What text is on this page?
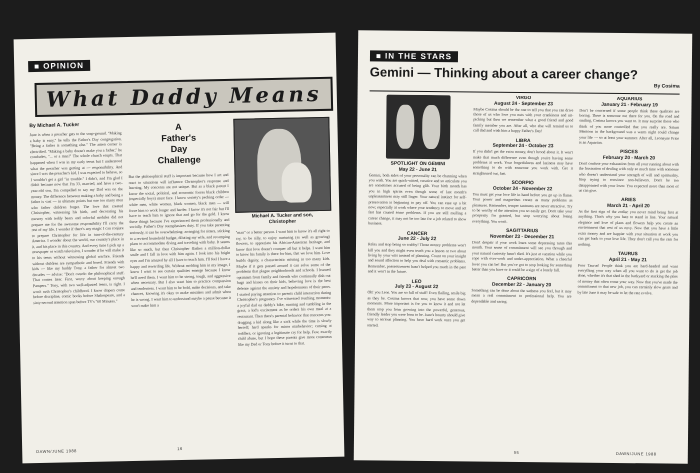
■ OPINION
What Daddy Means
By Michael A. Tucker
June is when a preacher gets to the soap-ground. "Making a baby is easy," he tells the Father's Day congregation. "Being a father is something else." The amen corner is electrified. "Making a baby doesn't make you a father," he concludes, "... or a man!" The whole church erupts. That happened when I was in my early teens but I understood what the preacher was getting at — responsibility. And since I was the preacher's kid, I was expected to behave, so I wouldn't get a girl "in trouble." I didn't, and I'm glad I didn't because now that I'm 33, married, and have a two-year-old son, I'm compelled to say my Dad was on the money. The difference between making a baby and being a father is vast — in ultimate points but one too many men who father children forget. The love that created Christopher, witnessing his birth, and decorating his nursery with teddy bears and colorful mobiles did not prepare me for the awesome responsibility I'll carry the rest of my life. I wonder if there's any magic I can conjure to prepare Christopher for life in turn-of-the-century America. I wonder about the world, our country's place in it, and his place in this country. And every time I pick up a newspaper or watch television, I wonder if he will make it to his teens without witnessing global warfare. Friends without children are sympathetic and bored. Friends with kids — like my buddy Tony, a father for almost two decades — advise: "Don't overdo the philosophical stuff. That comes later. First, worry about keeping enough Pampers." Tony, with two well-adjusted teens, is right. I won't rush Christopher's childhood. I know diapers come before discipline, comic books before Shakespeare, and a sixty-second attention span before TV's "60 Minutes."
But the philosophical stuff is important because how I act and react to situations will influence Christopher's response and learning. My concerns are not unique. But as a black parent I know the social, political, and economic forces black children (especially boys) must face. I know society's pecking order — white men, white women, black women, black men — will force him to work longer and harder. I know it's not fair but I'll have to teach him to ignore that and go for the gold. I know these things because I've experienced them professionally and socially. Father's Day reemphasizes duty. If you take parenting seriously, it can be overwhelming: arranging for sitters, sticking to a revised household budget, diluting my wife, and revamping plans to accommodate diving and traveling with baby. It seems like so much, but then Christopher flashes a million-dollar smile and I fall in love with him again. I look into his bright eyes and I'm amazed by all I have to teach him. I'll feel I have a happy and rewarding life. Without molding him in my image, I know I want to see certain qualities emerge because I know he'll need them. I want him to be strong, tough, and aggressive when necessary. But I also want him to practice compassion and tenderness. I want him to be bold, make decisions, and take chances, knowing it's okay to make mistakes and admit when he is wrong. I want him to understand maybe a pause because it won't make him a
A
Father's
Day
Challenge
Michael A. Tucker and son,
Christopher
"man" or a better person. I want him to know it's all right to cry, to be silly, to enjoy nurturing (as well as growing) flowers, to appreciate his African-American heritage, and know that love doesn't conquer all but it helps. I want him to know his family is there for him, that we love him. Love builds dignity, a characteristic missing in too many kids. Maybe if it gets passed around it can solve some of the problems that plague neighborhoods and schools. I learned optimism from family and friends who continually dish out hugs and kisses on their kids, believing love is the best defense against the anxiety and hopelessness of their peers. I started paying attention to parents child interaction during Christopher's pregnancy. I've witnessed touching moments: a joyful dad on daddy's bike, running and tumbling in the grass, a kid's excitement as he orders his own meal at a restaurant. Then there's parental behavior that concerns you: dragging a kid along like a sack while the time is slowly herself; hard spanks for minor misbehavior; cursing at toddlers, or ignoring a legitimate cry for help. Few, exactly child abuse, but I hope these parents give more consensus like my Dad or Tony before it turns to that.
DAWN/JUNE 1988	16
■ IN THE STARS
Gemini — Thinking about a career change?
By Cosima
SPOTLIGHT ON GEMINI
May 22 - June 21
Gemini, both sides of your personality can be charming when you wish. You are quick-witted, creative and so articulate you are sometimes accused of being glib. Your birth month has you in high spirits even though some of last month's unpleasantness may still linger. Your natural instinct for self-preservation is beginning to pay off. You can ease up a bit now; especially at work where your tendency to move and act fast has caused some problems. If you are still mulling a career change, it may not be too late for a job related to show business.
CANCER
June 22 - July 22
Relax and stop being so crabby! Those money problems won't kill you and they might even teach you a lesson or two about living by your wits instead of planning. Count on your insight and sound affection to help you deal with romantic problems. Remember, possessiveness hasn't helped you much in the past and it won't in the future.
LEO
July 23 - August 22
Oh! you Leos. You are so full of stuff! Even flailing, smile big as they be. Cosima knows that now, you have some down moments. More important is for you to know it and not let them stop you from growing into the powerful, generous, friendly leader you were born to be. June's bounty should give way to serious planning. You have hard work once you get started.
VIRGO
August 24 - September 23
Maybe Cosima should be the one to tell you that you can drive those of us who love you nuts with your crankiness and nit-picking but then we remember what a good friend and good family member you are. After all, who else will remind us to call dad and wish him a happy Father's Day!
LIBRA
September 24 - October 23
If you didn't get the extra money, don't brood about it. It won't make that much difference even though you're having some problems at work. Your forgetfulness and laziness may have something to do with someone you work with. Get it straightened out, fast.
SCORPIO
October 24 - November 22
You must get your love life in hand before you go up in flame. Your power and magnetism create as many problems as pleasures. Remember, temper tantrums are never attractive. Try to be worthy of the attention you so easily get. Don't take your prosperity for granted, but stop worrying about losing everything. You won't.
SAGITTARIUS
November 23 - December 21
Don't despair if your work loses some depressing turns this month. Your sense of commitment will see you through and your natural curiosity hasn't died. It's just at vacation while you cope with over-work and under-appreciation. What a cheerful lover you can be! But you've got to stop looking for something better than you have or it could be a sign of a lonely fall.
CAPRICORN
December 22 - January 20
Something can be done about the sadness you feel, but it may mean a real commitment to professional help. You are dependable and caring.
AQUARIUS
January 21 - February 19
Don't be concerned if some people think these qualities are boring. There is someone out there for you. On the road and smiling, Cosima knows you want to. It may surprise those who think of you more controlled that you really are. Saturn Mentoon in the background was a warm night could change your life — so at least your summer. After all, Leonayne Price is an Aquarian.
PISCES
February 20 - March 20
Don't confuse your exhaustion from all your running about with the frustration of dealing with only so much time with someone who doesn't understand your strength of will and spirituality. Stop trying to convince non-believers. Don't be too disappointed with your lover. You expected more than most of us can give.
ARIES
March 21 - April 20
As the first sign of the zodiac you never mind being first at anything. That's why you hate to stand in line. Your natural elegance and love of plans and flowers help you create an environment that rest of us envy. Now that you have a little extra money and are happier with your situation at work you can get back to your love life. They don't call you the ram for nothing.
TAURUS
April 21 - May 21
Poor Taurus! People think you are hard-headed and want everything your way when all you want to do is get the job done, whether it's that shed in the backyard or stacking the piles of money that often come your way. Now that you've made the commitment to that new job, you can certainly slow gears and by late June it may be safe to let the rate evolve.
55	DAWN/JUNE 1988
